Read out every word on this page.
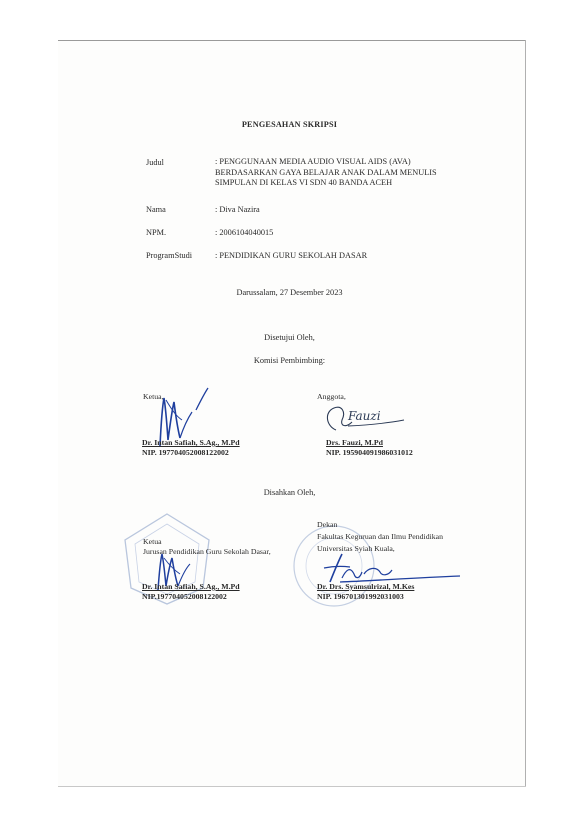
PENGESAHAN SKRIPSI
Judul	: PENGGUNAAN MEDIA AUDIO VISUAL AIDS (AVA) BERDASARKAN GAYA BELAJAR ANAK DALAM MENULIS SIMPULAN DI KELAS VI SDN 40 BANDA ACEH
Nama	: Diva Nazira
NPM.	: 2006104040015
ProgramStudi	: PENDIDIKAN GURU SEKOLAH DASAR
Darussalam, 27 Desember 2023
Disetujui Oleh,
Komisi Pembimbing:
Ketua,
Dr. Intan Safiah, S.Ag., M.Pd
NIP. 197704052008122002
Anggota,
Fauzi
Drs. Fauzi, M.Pd
NIP. 195904091986031012
Disahkan Oleh,
Ketua
Jurusan Pendidikan Guru Sekolah Dasar,
Dr. Intan Safiah, S.Ag., M.Pd
NIP.197704052008122002
Dekan
Fakultas Keguruan dan Ilmu Pendidikan
Universitas Syiah Kuala,
Dr. Drs. Syamsulrizal, M.Kes
NIP. 196701301992031003
